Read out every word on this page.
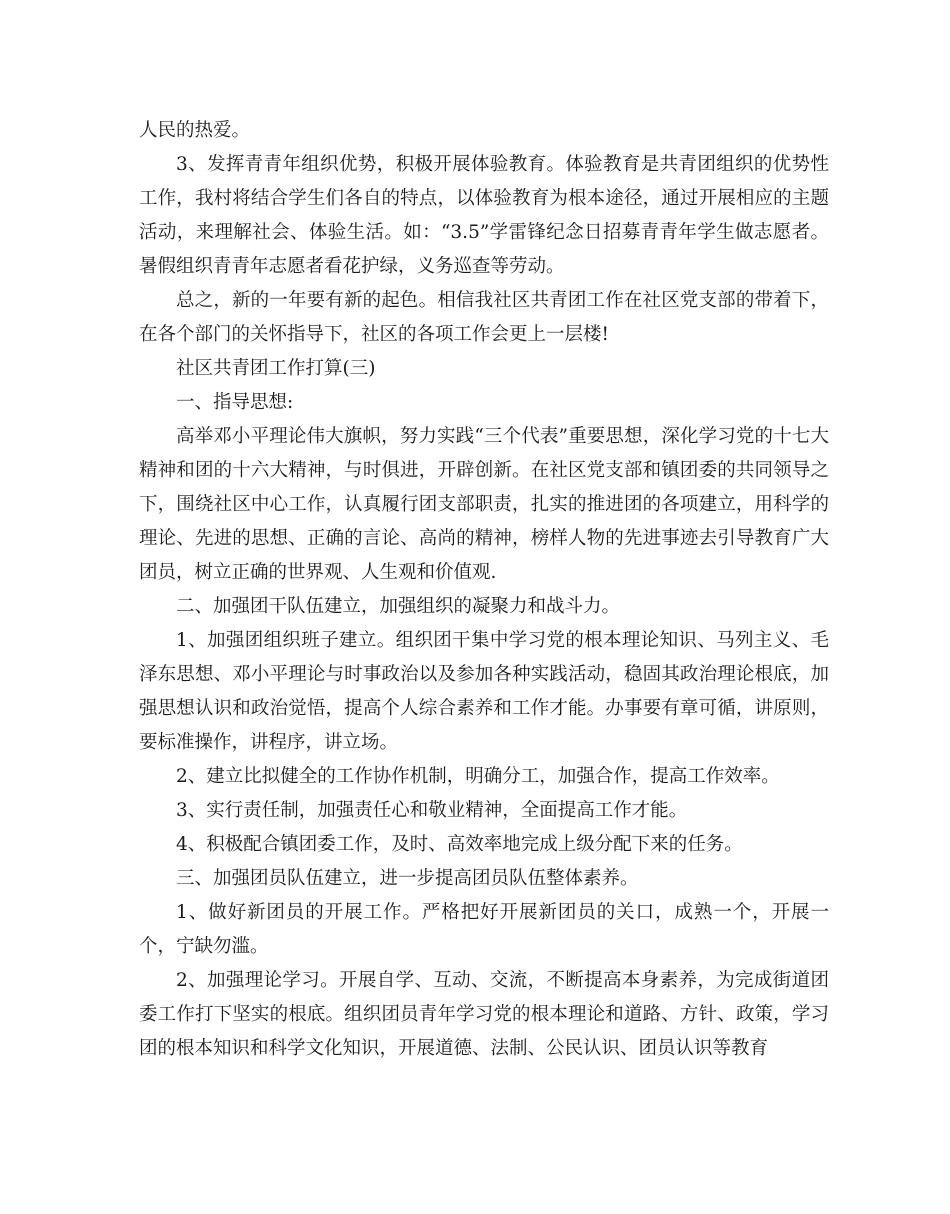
人民的热爱。

3、发挥青青年组织优势，积极开展体验教育。体验教育是共青团组织的优势性工作，我村将结合学生们各自的特点，以体验教育为根本途径，通过开展相应的主题活动，来理解社会、体验生活。如：“3.5”学雷锋纪念日招募青青年学生做志愿者。暑假组织青青年志愿者看花护绿，义务巡查等劳动。

总之，新的一年要有新的起色。相信我社区共青团工作在社区党支部的带着下，在各个部门的关怀指导下，社区的各项工作会更上一层楼!

社区共青团工作打算(三)

一、指导思想:

高举邓小平理论伟大旗帜，努力实践“三个代表”重要思想，深化学习党的十七大精神和团的十六大精神，与时俱进，开辟创新。在社区党支部和镇团委的共同领导之下，围绕社区中心工作，认真履行团支部职责，扎实的推进团的各项建立，用科学的理论、先进的思想、正确的言论、高尚的精神，榜样人物的先进事迹去引导教育广大团员，树立正确的世界观、人生观和价值观.

二、加强团干队伍建立，加强组织的凝聚力和战斗力。

1、加强团组织班子建立。组织团干集中学习党的根本理论知识、马列主义、毛泽东思想、邓小平理论与时事政治以及参加各种实践活动，稳固其政治理论根底，加强思想认识和政治觉悟，提高个人综合素养和工作才能。办事要有章可循，讲原则，要标准操作，讲程序，讲立场。

2、建立比拟健全的工作协作机制，明确分工，加强合作，提高工作效率。

3、实行责任制，加强责任心和敬业精神，全面提高工作才能。

4、积极配合镇团委工作，及时、高效率地完成上级分配下来的任务。

三、加强团员队伍建立，进一步提高团员队伍整体素养。

1、做好新团员的开展工作。严格把好开展新团员的关口，成熟一个，开展一个，宁缺勿滥。

2、加强理论学习。开展自学、互动、交流，不断提高本身素养，为完成街道团委工作打下坚实的根底。组织团员青年学习党的根本理论和道路、方针、政策，学习团的根本知识和科学文化知识，开展道德、法制、公民认识、团员认识等教育
